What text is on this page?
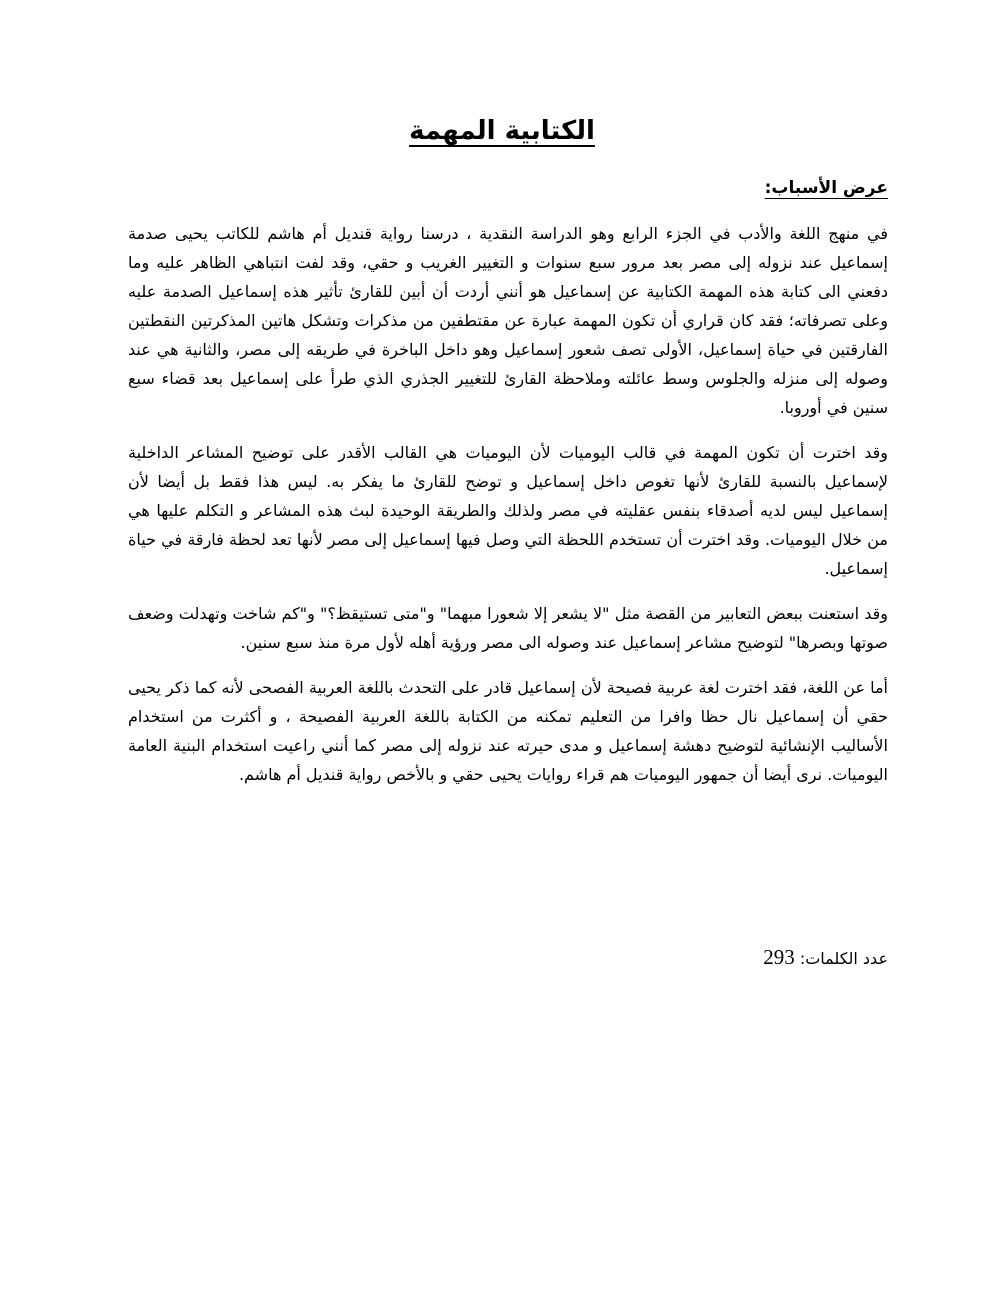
الكتابية المهمة
عرض الأسباب:

في منهج اللغة والأدب في الجزء الرابع وهو الدراسة النقدية ، درسنا رواية قنديل أم هاشم للكاتب يحيى صدمة إسماعيل عند نزوله إلى مصر بعد مرور سبع سنوات و التغيير الغريب و حقي، وقد لفت انتباهي الظاهر عليه وما دفعني الى كتابة هذه المهمة الكتابية عن إسماعيل هو أنني أردت أن أبين للقارئ تأثير هذه إسماعيل الصدمة عليه وعلى تصرفاته؛ فقد كان قراري أن تكون المهمة عبارة عن مقتطفين من مذكرات وتشكل هاتين المذكرتين النقطتين الفارقتين في حياة إسماعيل، الأولى تصف شعور إسماعيل وهو داخل الباخرة في طريقه إلى مصر، والثانية هي عند وصوله إلى منزله والجلوس وسط عائلته وملاحظة القارئ للتغيير الجذري الذي طرأ على إسماعيل بعد قضاء سبع سنين في أوروبا.

وقد اخترت أن تكون المهمة في قالب اليوميات لأن اليوميات هي القالب الأقدر على توضيح المشاعر الداخلية لإسماعيل بالنسبة للقارئ لأنها تغوص داخل إسماعيل و توضح للقارئ ما يفكر به. ليس هذا فقط بل أيضا لأن إسماعيل ليس لديه أصدقاء بنفس عقليته في مصر ولذلك والطريقة الوحيدة لبث هذه المشاعر و التكلم عليها هي من خلال اليوميات. وقد اخترت أن تستخدم اللحظة التي وصل فيها إسماعيل إلى مصر لأنها تعد لحظة فارقة في حياة إسماعيل.

وقد استعنت ببعض التعابير من القصة مثل "لا يشعر إلا شعورا مبهما" و"متى تستيقظ؟" و"كم شاخت وتهدلت وضعف صوتها وبصرها" لتوضيح مشاعر إسماعيل عند وصوله الى مصر ورؤية أهله لأول مرة منذ سبع سنين.

أما عن اللغة، فقد اخترت لغة عربية فصيحة لأن إسماعيل قادر على التحدث باللغة العربية الفصحى لأنه كما ذكر يحيى حقي أن إسماعيل نال حظا وافرا من التعليم تمكنه من الكتابة باللغة العربية الفصيحة ، و أكثرت من استخدام الأساليب الإنشائية لتوضيح دهشة إسماعيل و مدى حيرته عند نزوله إلى مصر كما أنني راعيت استخدام البنية العامة اليوميات. نرى أيضا أن جمهور اليوميات هم قراء روايات يحيى حقي و بالأخص رواية قنديل أم هاشم.

عدد الكلمات: 293
